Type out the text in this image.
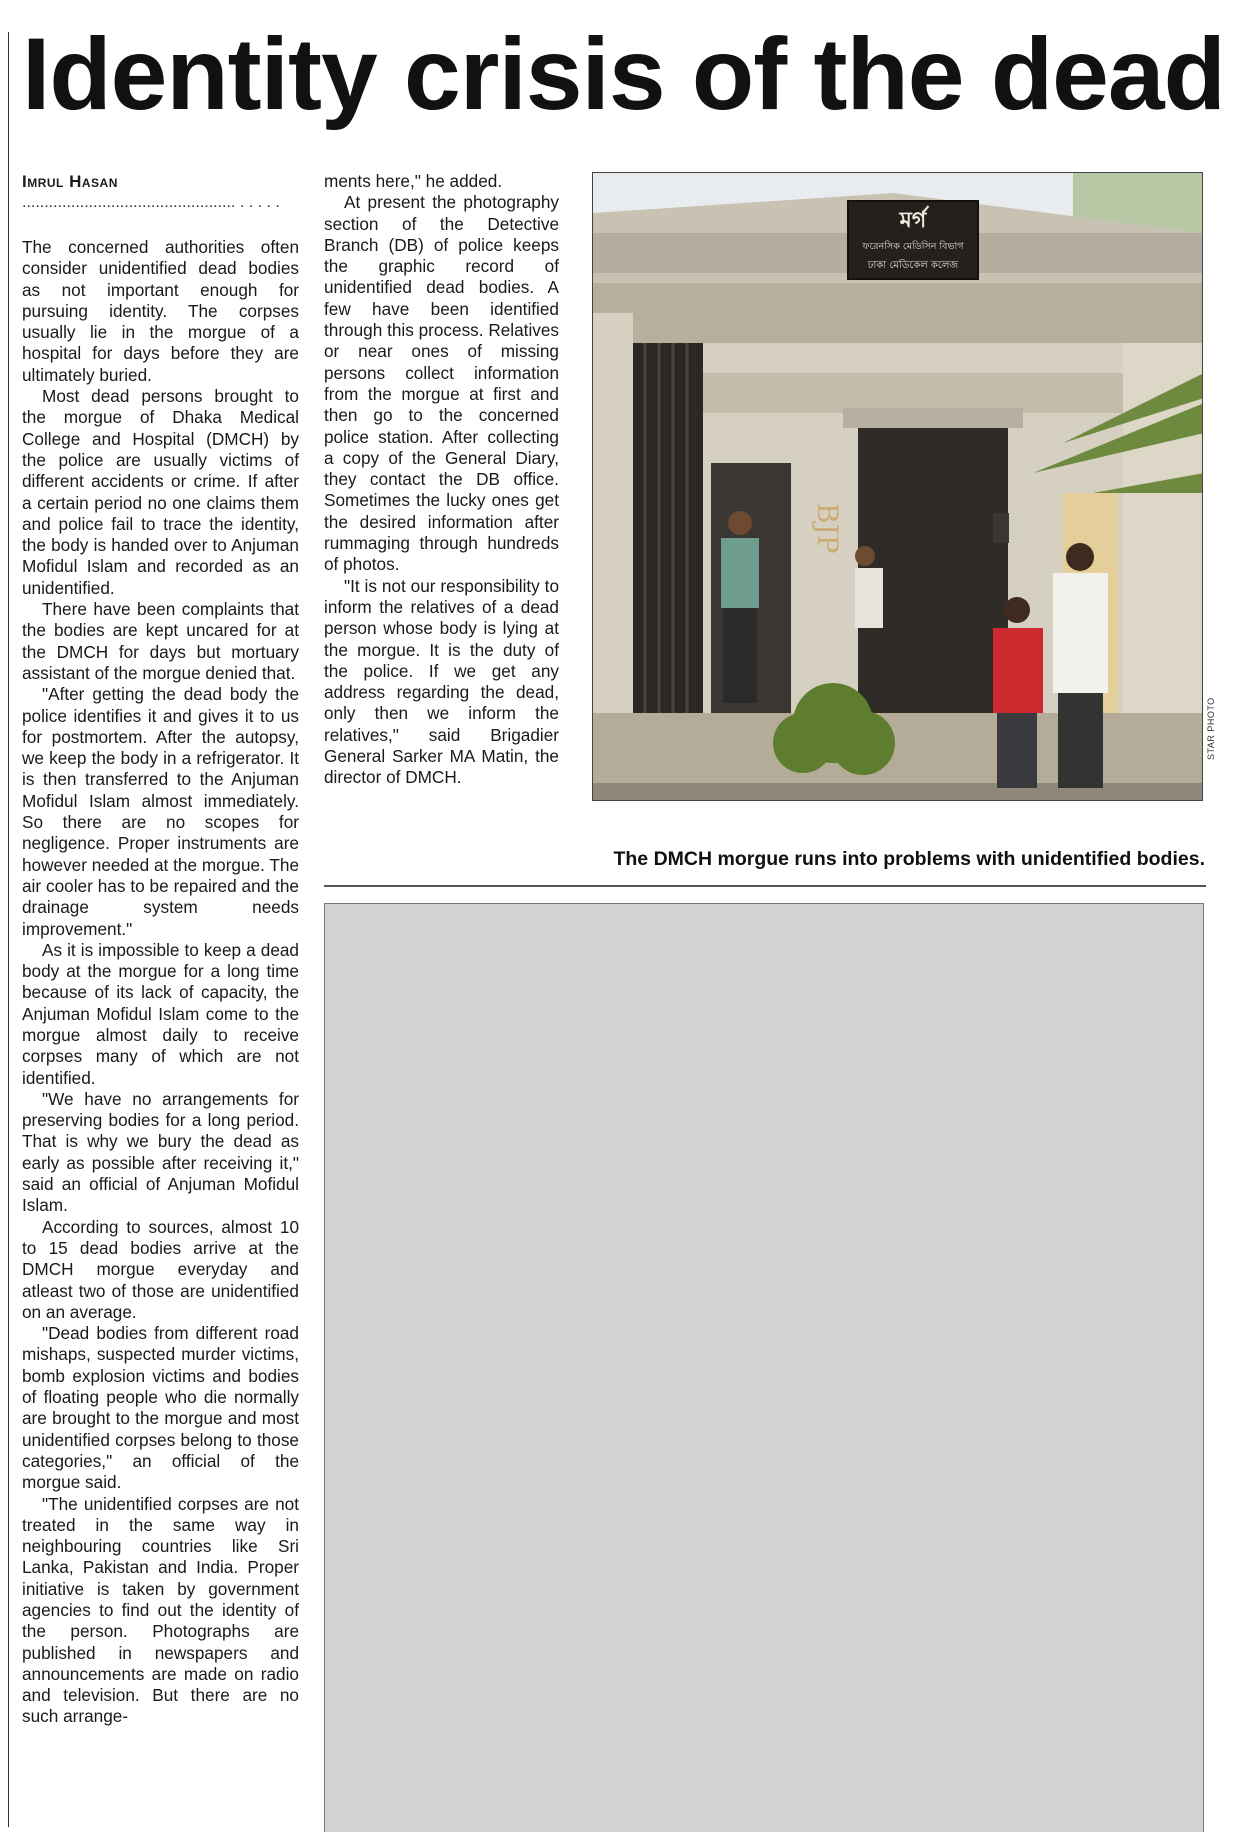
Identity crisis of the dead
Imrul Hasan
................................................ . . . . .

The concerned authorities often consider unidentified dead bodies as not important enough for pursuing identity. The corpses usually lie in the morgue of a hospital for days before they are ultimately buried.

Most dead persons brought to the morgue of Dhaka Medical College and Hospital (DMCH) by the police are usually victims of different accidents or crime. If after a certain period no one claims them and police fail to trace the identity, the body is handed over to Anjuman Mofidul Islam and recorded as an unidentified.

There have been complaints that the bodies are kept uncared for at the DMCH for days but mortuary assistant of the morgue denied that.

"After getting the dead body the police identifies it and gives it to us for postmortem. After the autopsy, we keep the body in a refrigerator. It is then transferred to the Anjuman Mofidul Islam almost immediately. So there are no scopes for negligence. Proper instruments are however needed at the morgue. The air cooler has to be repaired and the drainage system needs improvement."

As it is impossible to keep a dead body at the morgue for a long time because of its lack of capacity, the Anjuman Mofidul Islam come to the morgue almost daily to receive corpses many of which are not identified.

"We have no arrangements for preserving bodies for a long period. That is why we bury the dead as early as possible after receiving it," said an official of Anjuman Mofidul Islam.

According to sources, almost 10 to 15 dead bodies arrive at the DMCH morgue everyday and atleast two of those are unidentified on an average.

"Dead bodies from different road mishaps, suspected murder victims, bomb explosion victims and bodies of floating people who die normally are brought to the morgue and most unidentified corpses belong to those categories," an official of the morgue said.

"The unidentified corpses are not treated in the same way in neighbouring countries like Sri Lanka, Pakistan and India. Proper initiative is taken by government agencies to find out the identity of the person. Photographs are published in newspapers and announcements are made on radio and television. But there are no such arrange-

ments here," he added.

At present the photography section of the Detective Branch (DB) of police keeps the graphic record of unidentified dead bodies. A few have been identified through this process. Relatives or near ones of missing persons collect information from the morgue at first and then go to the concerned police station. After collecting a copy of the General Diary, they contact the DB office. Sometimes the lucky ones get the desired information after rummaging through hundreds of photos.

"It is not our responsibility to inform the relatives of a dead person whose body is lying at the morgue. It is the duty of the police. If we get any address regarding the dead, only then we inform the relatives," said Brigadier General Sarker MA Matin, the director of DMCH.

মর্গ
ফরেনসিক মেডিসিন বিভাগ
ঢাকা মেডিকেল কলেজ
BJP
STAR PHOTO
The DMCH morgue runs into problems with unidentified bodies.
